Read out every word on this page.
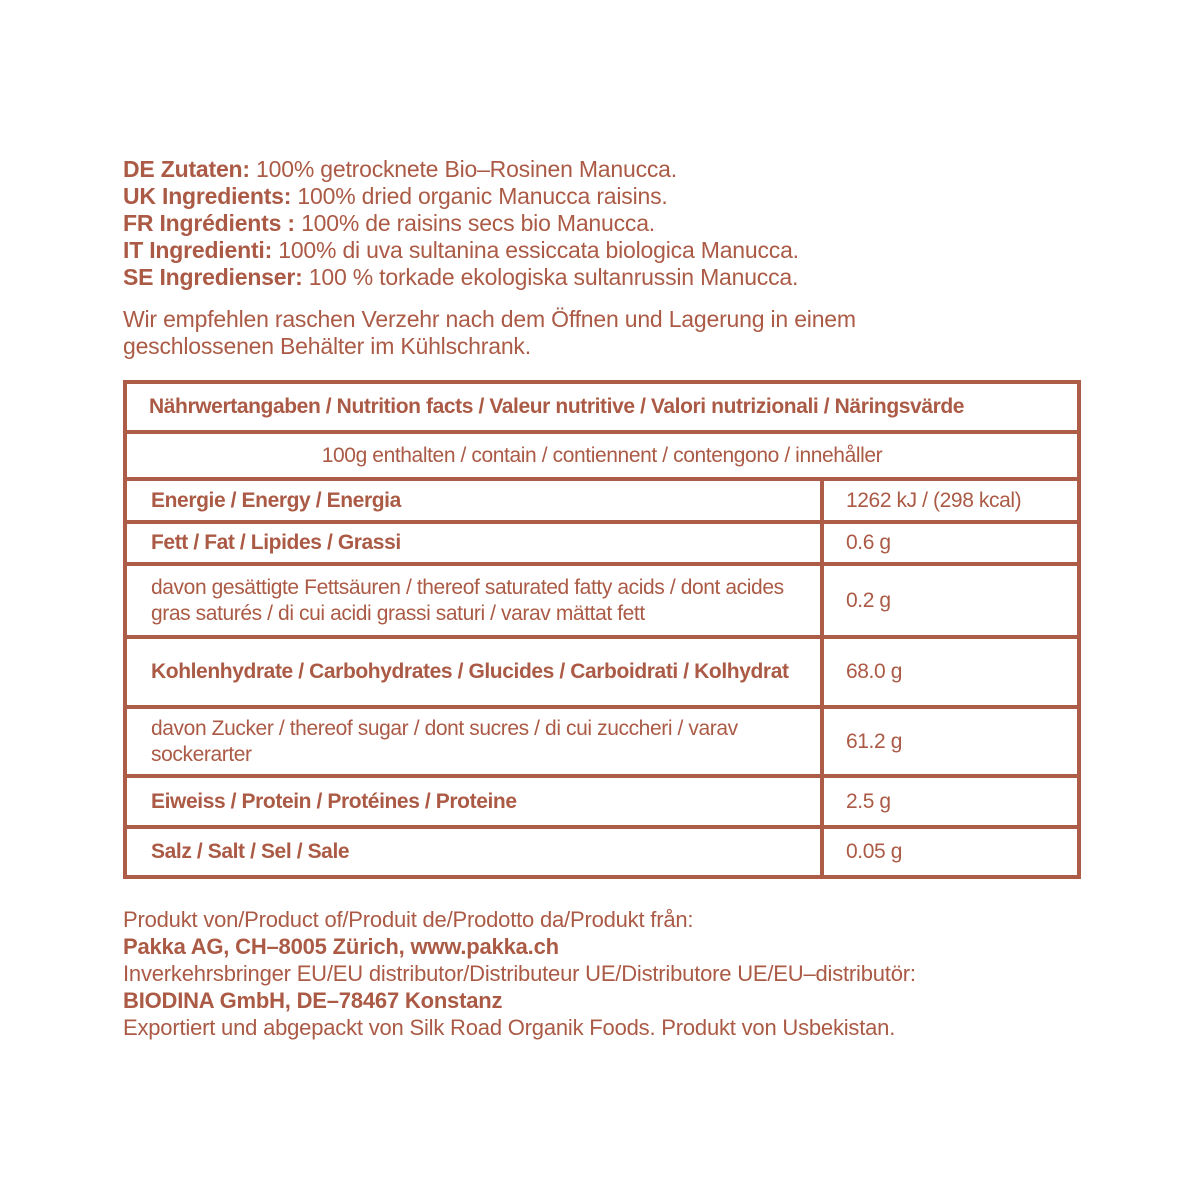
DE Zutaten: 100% getrocknete Bio–Rosinen Manucca.
UK Ingredients: 100% dried organic Manucca raisins.
FR Ingrédients : 100% de raisins secs bio Manucca.
IT Ingredienti: 100% di uva sultanina essiccata biologica Manucca.
SE Ingredienser: 100 % torkade ekologiska sultanrussin Manucca.
Wir empfehlen raschen Verzehr nach dem Öffnen und Lagerung in einem
geschlossenen Behälter im Kühlschrank.
Nährwertangaben / Nutrition facts / Valeur nutritive / Valori nutrizionali / Näringsvärde	
100g enthalten / contain / contiennent / contengono / innehåller	
Energie / Energy / Energia	1262 kJ / (298 kcal)
Fett / Fat / Lipides / Grassi	0.6 g
davon gesättigte Fettsäuren / thereof saturated fatty acids / dont acides gras saturés / di cui acidi grassi saturi / varav mättat fett	0.2 g
Kohlenhydrate / Carbohydrates / Glucides / Carboidrati / Kolhydrat	68.0 g
davon Zucker / thereof sugar / dont sucres / di cui zuccheri / varav sockerarter	61.2 g
Eiweiss / Protein / Protéines / Proteine	2.5 g
Salz / Salt / Sel / Sale	0.05 g
Produkt von/Product of/Produit de/Prodotto da/Produkt från:
Pakka AG, CH–8005 Zürich, www.pakka.ch
Inverkehrsbringer EU/EU distributor/Distributeur UE/Distributore UE/EU–distributör:
BIODINA GmbH, DE–78467 Konstanz
Exportiert und abgepackt von Silk Road Organik Foods. Produkt von Usbekistan.
